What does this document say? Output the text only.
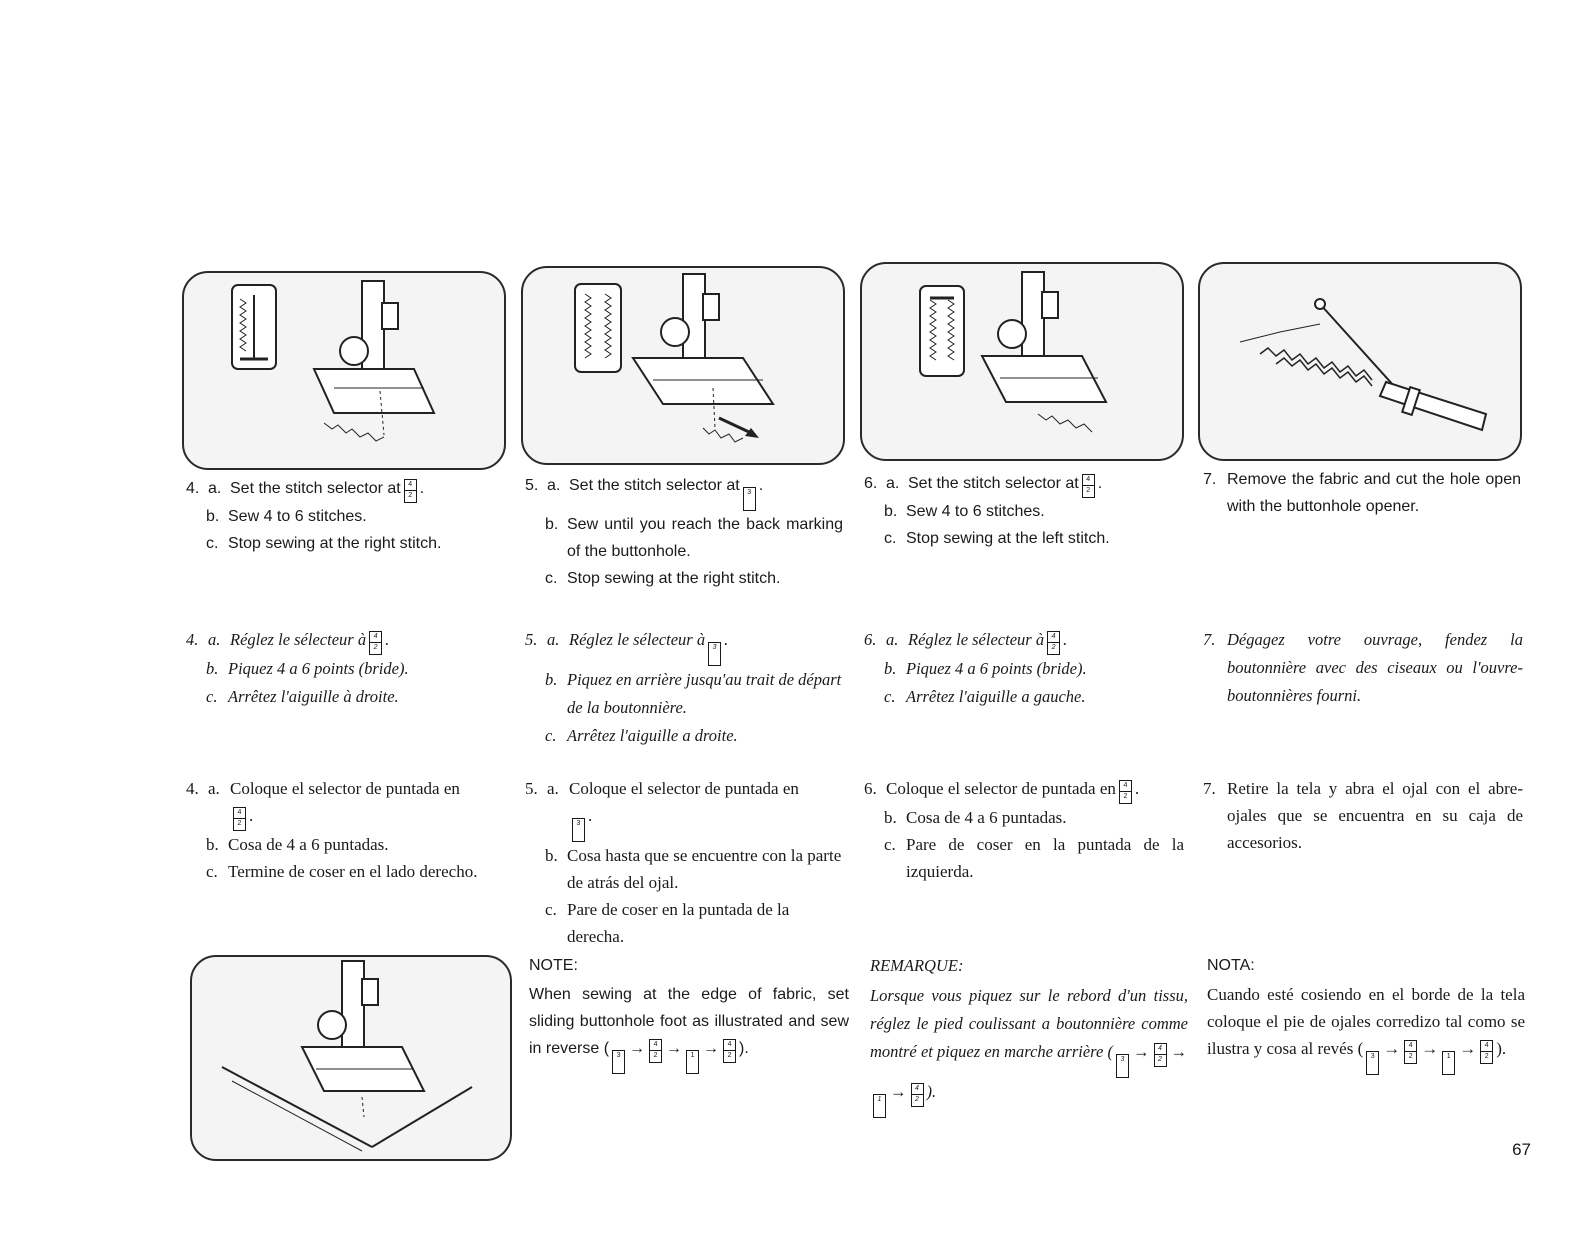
4. a. Set the stitch selector at $\frac{4}{2}$ .
b. Sew 4 to 6 stitches.
c. Stop sewing at the right stitch.
5. a. Set the stitch selector at	3 .
b. Sew until you reach the back marking of the buttonhole.
c. Stop sewing at the right stitch.
6. a. Set the stitch selector at $\frac{4}{2}$ .
b. Sew 4 to 6 stitches.
c. Stop sewing at the left stitch.
7. Remove the fabric and cut the hole open with the buttonhole opener.
4. a. Réglez le sélecteur à $\frac{4}{2}$ .
b. Piquez 4 a 6 points (bride).
c. Arrêtez l'aiguille à droite.
5. a. Réglez le sélecteur à	3 .
b. Piquez en arrière jusqu'au trait de départ de la boutonnière.
c. Arrêtez l'aiguille a droite.
6. a. Réglez le sélecteur à $\frac{4}{2}$ .
b. Piquez 4 a 6 points (bride).
c. Arrêtez l'aiguille a gauche.
7. Dégagez votre ouvrage, fendez la boutonnière avec des ciseaux ou l'ouvre-boutonnières fourni.
4. a. Coloque el selector de puntada en

$\frac{4}{2}$ .
b. Cosa de 4 a 6 puntadas.
c. Termine de coser en el lado derecho.
5. a. Coloque el selector de puntada en

3 .
b. Cosa hasta que se encuentre con la parte de atrás del ojal.
c. Pare de coser en la puntada de la derecha.
6. Coloque el selector de puntada en $\frac{4}{2}$ .
b. Cosa de 4 a 6 puntadas.
c. Pare de coser en la puntada de la izquierda.
7. Retire la tela y abra el ojal con el abre-ojales que se encuentra en su caja de accesorios.
NOTE:
When sewing at the edge of fabric, set sliding buttonhole foot as illustrated and sew in reverse (	$3 \to \frac{4}{2}$ →	$1 \to \frac{4}{2}$ ).
REMARQUE:
Lorsque vous piquez sur le rebord d'un tissu, réglez le pied coulissant a boutonnière comme montré et piquez en marche arrière (	$3 \to \frac{4}{2}$ →
$1 \to \frac{4}{2}$ ).
NOTA:
Cuando esté cosiendo en el borde de la tela coloque el pie de ojales corredizo tal como se ilustra y cosa al revés (	$3 \to \frac{4}{2}$ →	$1 \to \frac{4}{2}$ ).
67
